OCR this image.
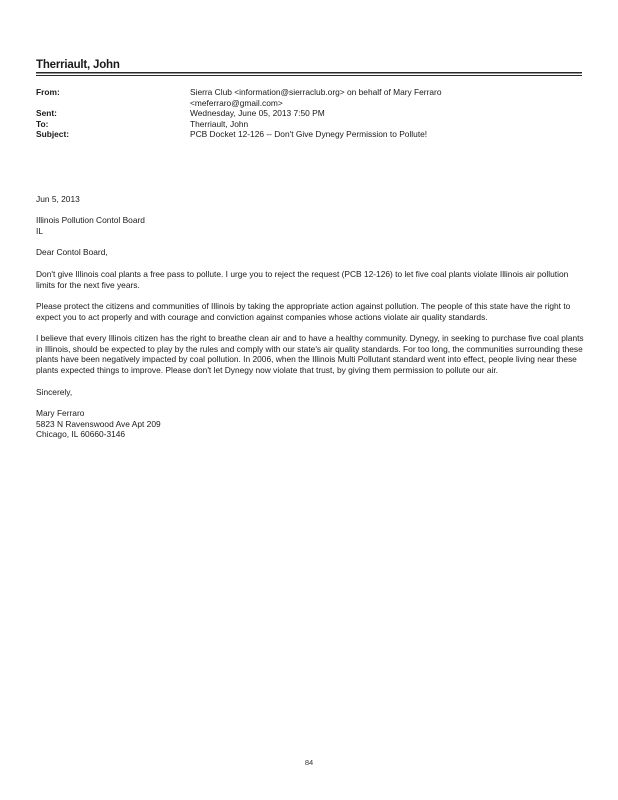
Therriault, John
From:	Sierra Club <information@sierraclub.org> on behalf of Mary Ferraro
<meferraro@gmail.com>
Sent:	Wednesday, June 05, 2013 7:50 PM
To:	Therriault, John
Subject:	PCB Docket 12-126 -- Don't Give Dynegy Permission to Pollute!

Jun 5, 2013

Illinois Pollution Contol Board

IL

Dear Contol Board,

Don't give Illinois coal plants a free pass to pollute. I urge you to reject the request (PCB 12-126) to let five coal plants violate Illinois air pollution limits for the next five years.

Please protect the citizens and communities of Illinois by taking the appropriate action against pollution. The people of this state have the right to expect you to act properly and with courage and conviction against companies whose actions violate air quality standards.

I believe that every Illinois citizen has the right to breathe clean air and to have a healthy community. Dynegy, in seeking to purchase five coal plants in Illinois, should be expected to play by the rules and comply with our state's air quality standards. For too long, the communities surrounding these plants have been negatively impacted by coal pollution. In 2006, when the Illinois Multi Pollutant standard went into effect, people living near these plants expected things to improve. Please don't let Dynegy now violate that trust, by giving them permission to pollute our air.

Sincerely,

Mary Ferraro

5823 N Ravenswood Ave Apt 209

Chicago, IL 60660-3146

84
